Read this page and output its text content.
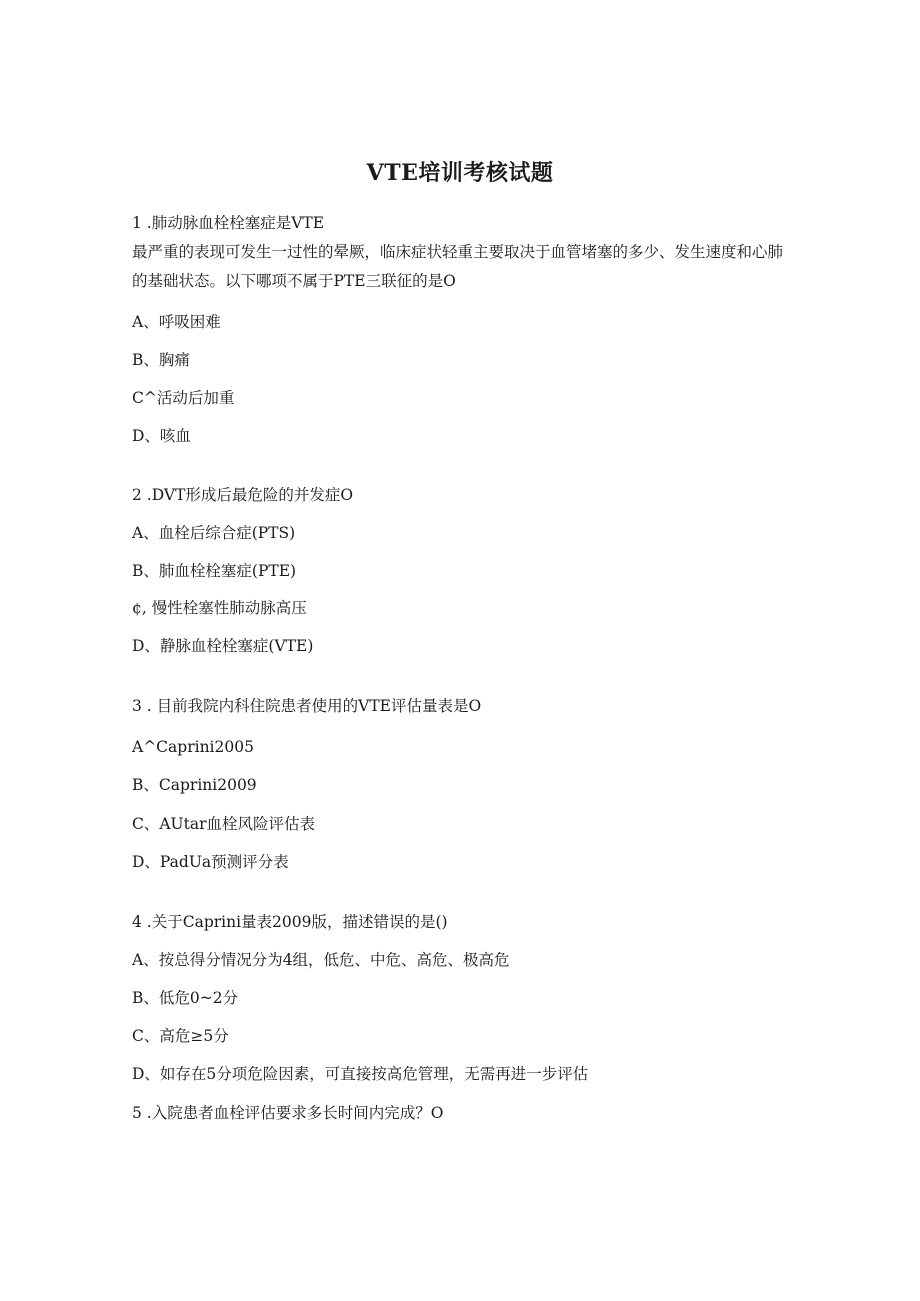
VTE培训考核试题
1 .肺动脉血栓栓塞症是VTE
最严重的表现可发生一过性的晕厥，临床症状轻重主要取决于血管堵塞的多少、发生速度和心肺的基础状态。以下哪项不属于PTE三联征的是O
A、呼吸困难
B、胸痛
C^活动后加重
D、咳血
2 .DVT形成后最危险的并发症O
A、血栓后综合症(PTS)
B、肺血栓栓塞症(PTE)
¢, 慢性栓塞性肺动脉高压
D、静脉血栓栓塞症(VTE)
3 . 目前我院内科住院患者使用的VTE评估量表是O
A^Caprini2005
B、Caprini2009
C、AUtar血栓风险评估表
D、PadUa预测评分表
4 .关于Caprini量表2009版，描述错误的是()
A、按总得分情况分为4组，低危、中危、高危、极高危
B、低危0~2分
C、高危≥5分
D、如存在5分项危险因素，可直接按高危管理，无需再进一步评估
5 .入院患者血栓评估要求多长时间内完成？O
